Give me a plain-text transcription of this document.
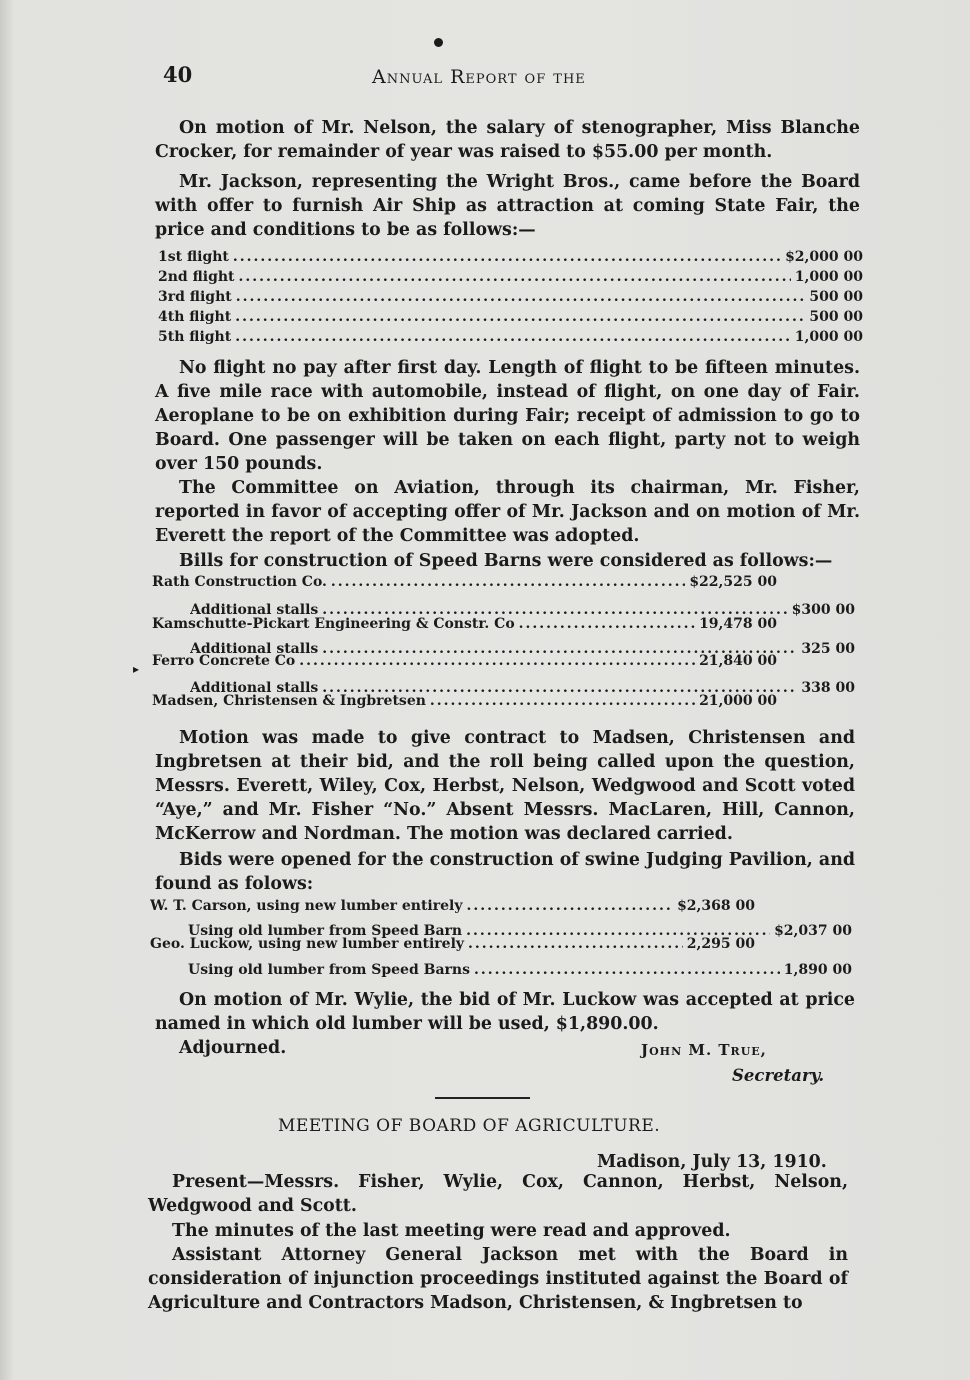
40	Annual Report of the

On motion of Mr. Nelson, the salary of stenographer, Miss Blanche Crocker, for remainder of year was raised to $55.00 per month.

Mr. Jackson, representing the Wright Bros., came before the Board with offer to furnish Air Ship as attraction at coming State Fair, the price and conditions to be as follows:—

1st flight .....	$2,000 00
2nd flight .....	1,000 00
3rd flight .....	500 00
4th flight .....	500 00
5th flight .....	1,000 00

No flight no pay after first day. Length of flight to be fifteen minutes. A five mile race with automobile, instead of flight, on one day of Fair. Aeroplane to be on exhibition during Fair; receipt of admission to go to Board. One passenger will be taken on each flight, party not to weigh over 150 pounds.

The Committee on Aviation, through its chairman, Mr. Fisher, reported in favor of accepting offer of Mr. Jackson and on motion of Mr. Everett the report of the Committee was adopted.

Bills for construction of Speed Barns were considered as follows:—

Rath Construction Co. .....	$22,525 00
Additional stalls .....	$300 00
Kamschutte-Pickart Engineering & Constr. Co .....	19,478 00
Additional stalls .....	325 00
▸ Ferro Concrete Co .....	21,840 00
Additional stalls .....	338 00
Madsen, Christensen & Ingbretsen .....	21,000 00

Motion was made to give contract to Madsen, Christensen and Ingbretsen at their bid, and the roll being called upon the question, Messrs. Everett, Wiley, Cox, Herbst, Nelson, Wedgwood and Scott voted “Aye,” and Mr. Fisher “No.” Absent Messrs. MacLaren, Hill, Cannon, McKerrow and Nordman. The motion was declared carried.

Bids were opened for the construction of swine Judging Pavilion, and found as folows:

W. T. Carson, using new lumber entirely .....	$2,368 00
Using old lumber from Speed Barn .....	$2,037 00
Geo. Luckow, using new lumber entirely .....	2,295 00
Using old lumber from Speed Barns .....	1,890 00

On motion of Mr. Wylie, the bid of Mr. Luckow was accepted at price named in which old lumber will be used, $1,890.00.

Adjourned.	John M. True,
Secretary.
MEETING OF BOARD OF AGRICULTURE.
Madison, July 13, 1910.

Present—Messrs. Fisher, Wylie, Cox, Cannon, Herbst, Nelson, Wedgwood and Scott.

The minutes of the last meeting were read and approved.

Assistant Attorney General Jackson met with the Board in consideration of injunction proceedings instituted against the Board of Agriculture and Contractors Madson, Christensen, & Ingbretsen to
